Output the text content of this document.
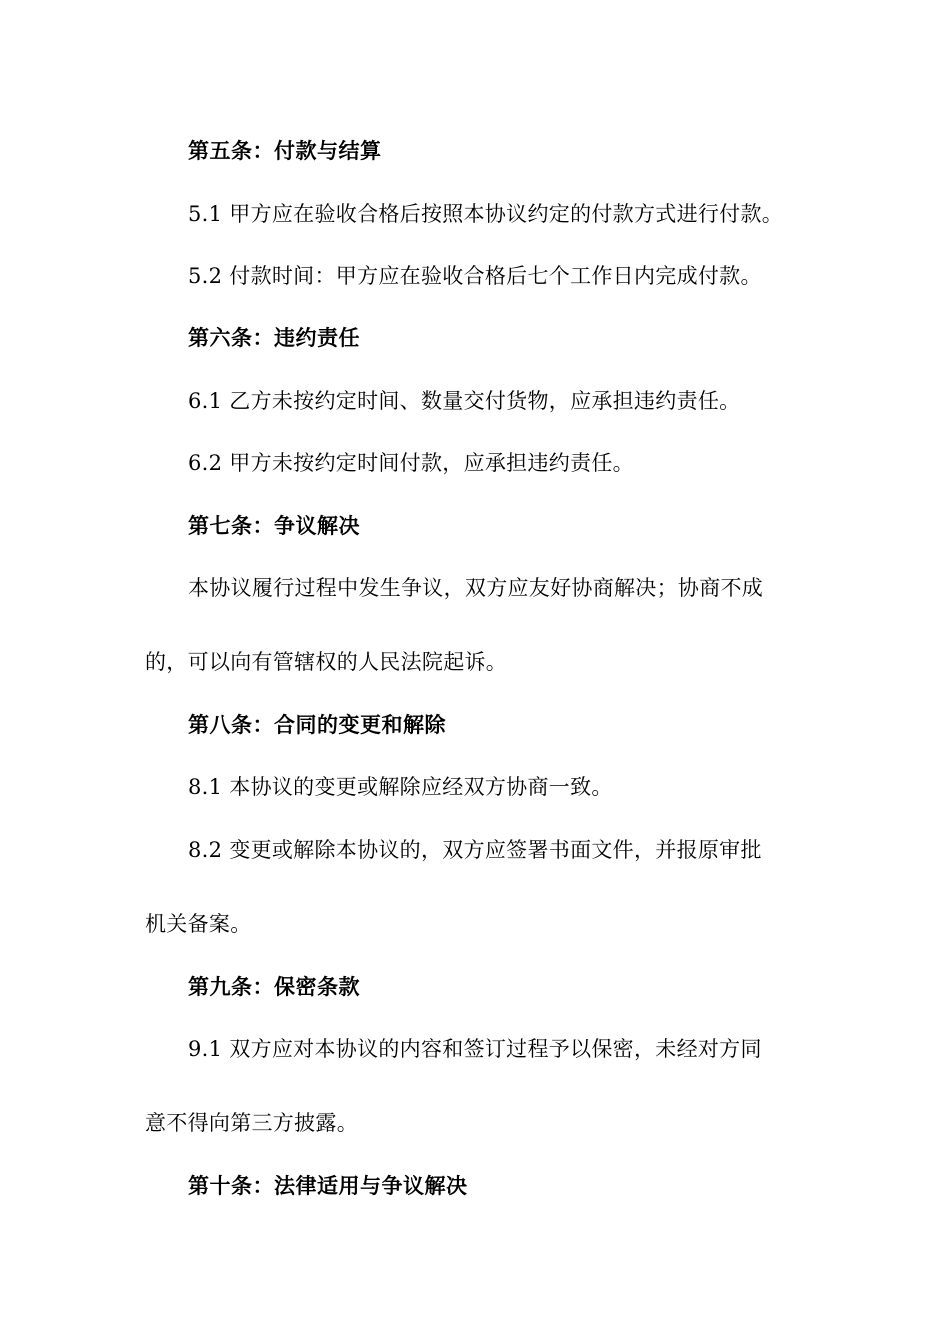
第五条：付款与结算
5.1 甲方应在验收合格后按照本协议约定的付款方式进行付款。
5.2 付款时间：甲方应在验收合格后七个工作日内完成付款。
第六条：违约责任
6.1 乙方未按约定时间、数量交付货物，应承担违约责任。
6.2 甲方未按约定时间付款，应承担违约责任。
第七条：争议解决
本协议履行过程中发生争议，双方应友好协商解决；协商不成
的，可以向有管辖权的人民法院起诉。
第八条：合同的变更和解除
8.1 本协议的变更或解除应经双方协商一致。
8.2 变更或解除本协议的，双方应签署书面文件，并报原审批
机关备案。
第九条：保密条款
9.1 双方应对本协议的内容和签订过程予以保密，未经对方同
意不得向第三方披露。
第十条：法律适用与争议解决
